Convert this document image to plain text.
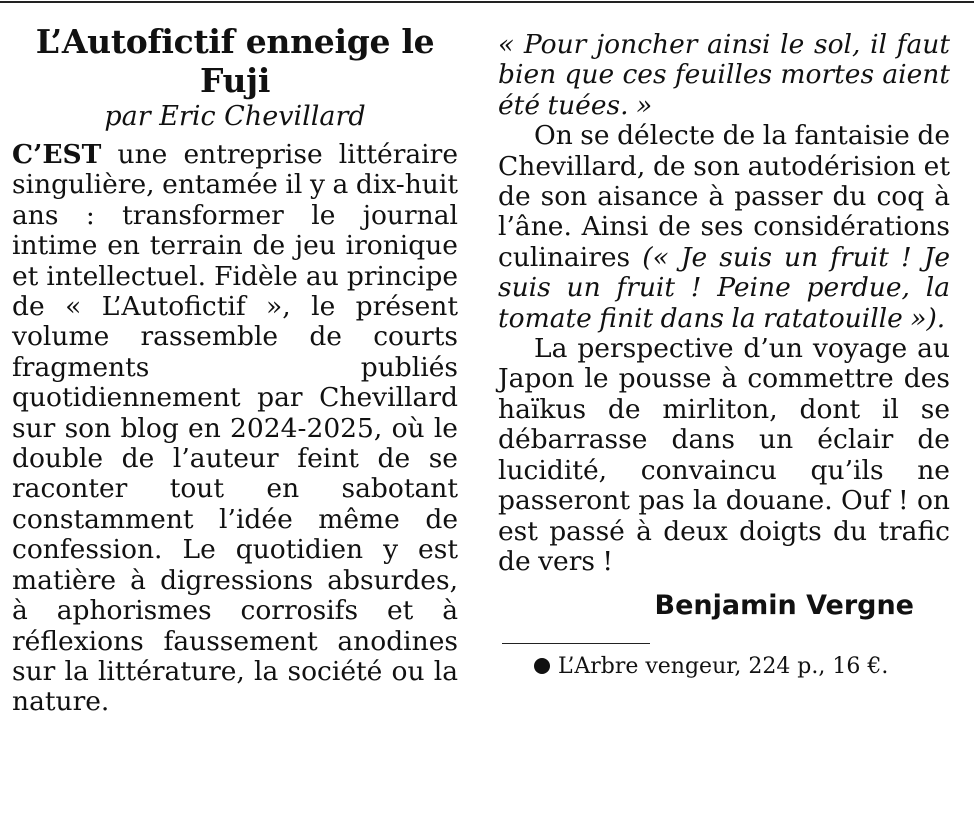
L’Autofictif enneige le Fuji
par Eric Chevillard

C’EST une entreprise littéraire singulière, entamée il y a dix-huit ans : transformer le journal intime en terrain de jeu ironique et intellectuel. Fidèle au principe de « L’Autofictif », le présent volume rassemble de courts fragments publiés quotidiennement par Chevillard sur son blog en 2024-2025, où le double de l’auteur feint de se raconter tout en sabotant constamment l’idée même de confession. Le quotidien y est matière à digressions absurdes, à aphorismes corrosifs et à réflexions faussement anodines sur la littérature, la société ou la nature.

« Pour joncher ainsi le sol, il faut bien que ces feuilles mortes aient été tuées. »

On se délecte de la fantaisie de Chevillard, de son autodérision et de son aisance à passer du coq à l’âne. Ainsi de ses considérations culinaires (« Je suis un fruit ! Je suis un fruit ! Peine perdue, la tomate finit dans la ratatouille »).

La perspective d’un voyage au Japon le pousse à commettre des haïkus de mirliton, dont il se débarrasse dans un éclair de lucidité, convaincu qu’ils ne passeront pas la douane. Ouf ! on est passé à deux doigts du trafic de vers !

Benjamin Vergne
L’Arbre vengeur, 224 p., 16 €.
